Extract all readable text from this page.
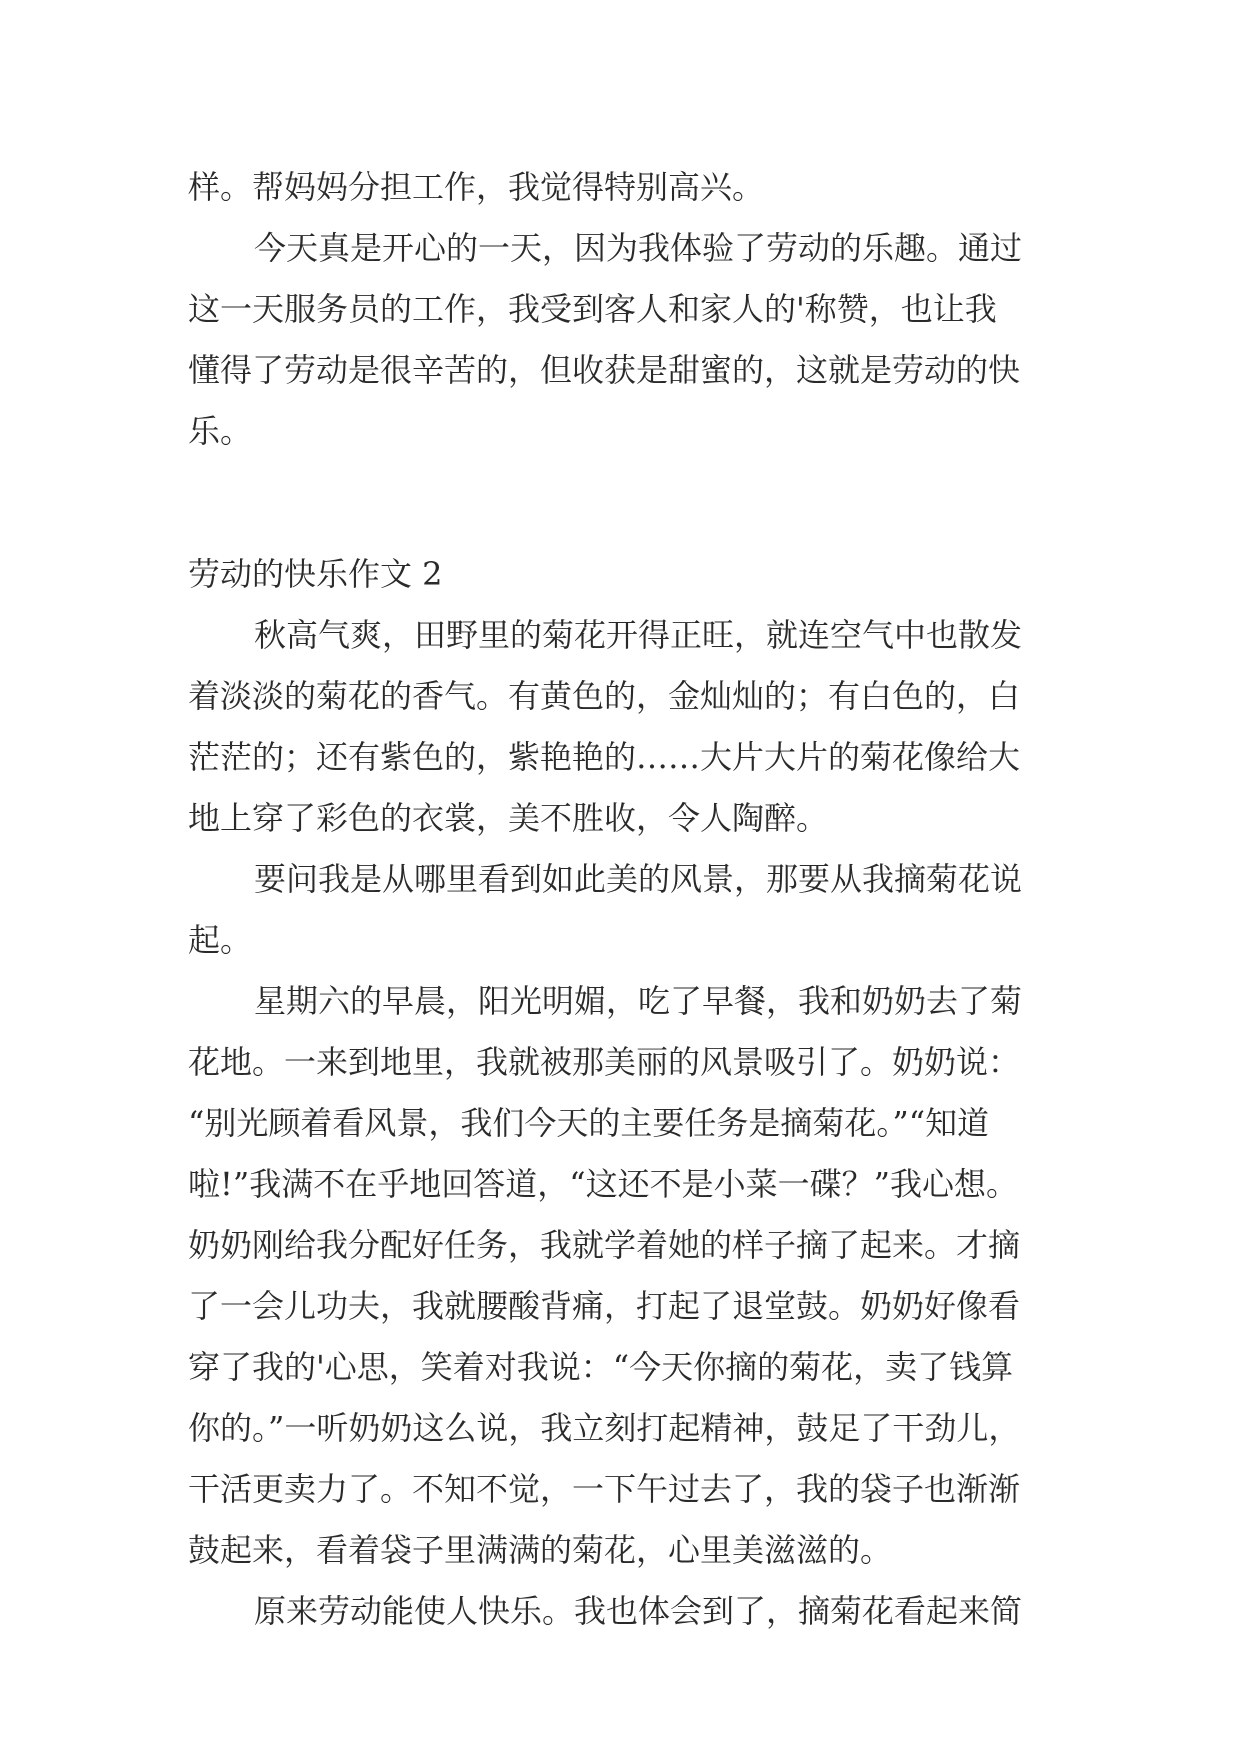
样。帮妈妈分担工作，我觉得特别高兴。
今天真是开心的一天，因为我体验了劳动的乐趣。通过
这一天服务员的工作，我受到客人和家人的'称赞，也让我
懂得了劳动是很辛苦的，但收获是甜蜜的，这就是劳动的快
乐。
劳动的快乐作文 2
秋高气爽，田野里的菊花开得正旺，就连空气中也散发
着淡淡的菊花的香气。有黄色的，金灿灿的；有白色的，白
茫茫的；还有紫色的，紫艳艳的……大片大片的菊花像给大
地上穿了彩色的衣裳，美不胜收，令人陶醉。
要问我是从哪里看到如此美的风景，那要从我摘菊花说
起。
星期六的早晨，阳光明媚，吃了早餐，我和奶奶去了菊
花地。一来到地里，我就被那美丽的风景吸引了。奶奶说：
“别光顾着看风景，我们今天的主要任务是摘菊花。”“知道
啦!”我满不在乎地回答道，“这还不是小菜一碟？”我心想。
奶奶刚给我分配好任务，我就学着她的样子摘了起来。才摘
了一会儿功夫，我就腰酸背痛，打起了退堂鼓。奶奶好像看
穿了我的'心思，笑着对我说：“今天你摘的菊花，卖了钱算
你的。”一听奶奶这么说，我立刻打起精神，鼓足了干劲儿，
干活更卖力了。不知不觉，一下午过去了，我的袋子也渐渐
鼓起来，看着袋子里满满的菊花，心里美滋滋的。
原来劳动能使人快乐。我也体会到了，摘菊花看起来简
